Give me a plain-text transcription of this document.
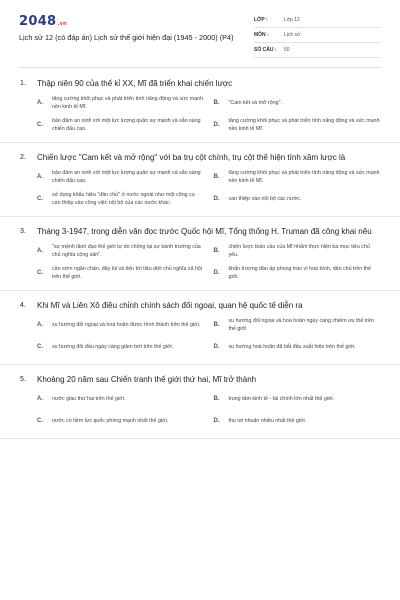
2048.vn
Lịch sử 12 (có đáp án) Lịch sử thế giới hiện đại (1945 - 2000) (P4)
LỚP :	Lớp 12
MÔN :	Lịch sử
SỐ CÂU :	50
1.	Thập niên 90 của thế kỉ XX, Mĩ đã triển khai chiến lược
A.
tăng cường khôi phục và phát triển tính năng động và sức mạnh nền kinh tế Mĩ.
B.	"Cam kết và mở rộng".
C.
bảo đảm an ninh với một lực lượng quân sự mạnh và sẵn sàng chiến đấu cao.
D.
tăng cường khôi phục và phát triển tính năng động và sức mạnh nền kinh tế Mĩ.
2.	Chiến lược "Cam kết và mở rộng" với ba trụ cột chính, trụ cột thế hiện tính xâm lược là
A.
bảo đảm an ninh với một lực lượng quân sự mạnh và sẵn sàng chiến đấu cao.
B.
tăng cường khôi phục và phát triển tính năng động và sức mạnh nền kinh tế Mĩ.
C.
sử dụng khẩu hiệu "dân chủ" ở nước ngoài như một công cụ can thiệp vào công việc nội bộ của các nước khác.
D.	can thiệp vào nội bộ các nước.
3.	Tháng 3-1947, trong diễn văn đọc trước Quốc hội Mĩ, Tổng thống H. Truman đã công khai nêu
A.
"sự mệnh lãnh đạo thế giới tự do chống lại sự bành trướng của chủ nghĩa cộng sản".
B.
chiến lược toàn cầu của Mĩ nhằm thực hiện ba mục tiêu chủ yếu.
C.
cần sớm ngăn chặn, đẩy lùi và tiến tới tiêu diệt chủ nghĩa xã hội trên thế giới.
D.
khẩn trương đàn áp phong trào vì hoà bình, dân chủ trên thế giới.
4.	Khi Mĩ và Liên Xô điều chỉnh chính sách đối ngoại, quan hệ quốc tế diễn ra
A.	xu hướng đối ngoại và hoà hoãn được hình thành trên thế giới.	B.
xu hướng đối ngoại và hoà hoãn ngày càng chiếm ưu thế trên thế giới
C.	xu hướng đối đầu ngày càng giảm bớt trên thế giới.	D.	xu hướng hoà hoãn đã bắt đầu xuất hiện trên thế giới.
5.	Khoảng 20 năm sau Chiến tranh thế giới thứ hai, Mĩ trở thành
A.	nước giàu thứ hai trên thế giới.	B.	trung tâm kinh tế - tài chính lớn nhất thế giới.
C.	nước có tiềm lực quốc phòng mạnh nhất thế giới.	D.	thu lợi nhuận nhiều nhất thế giới.
